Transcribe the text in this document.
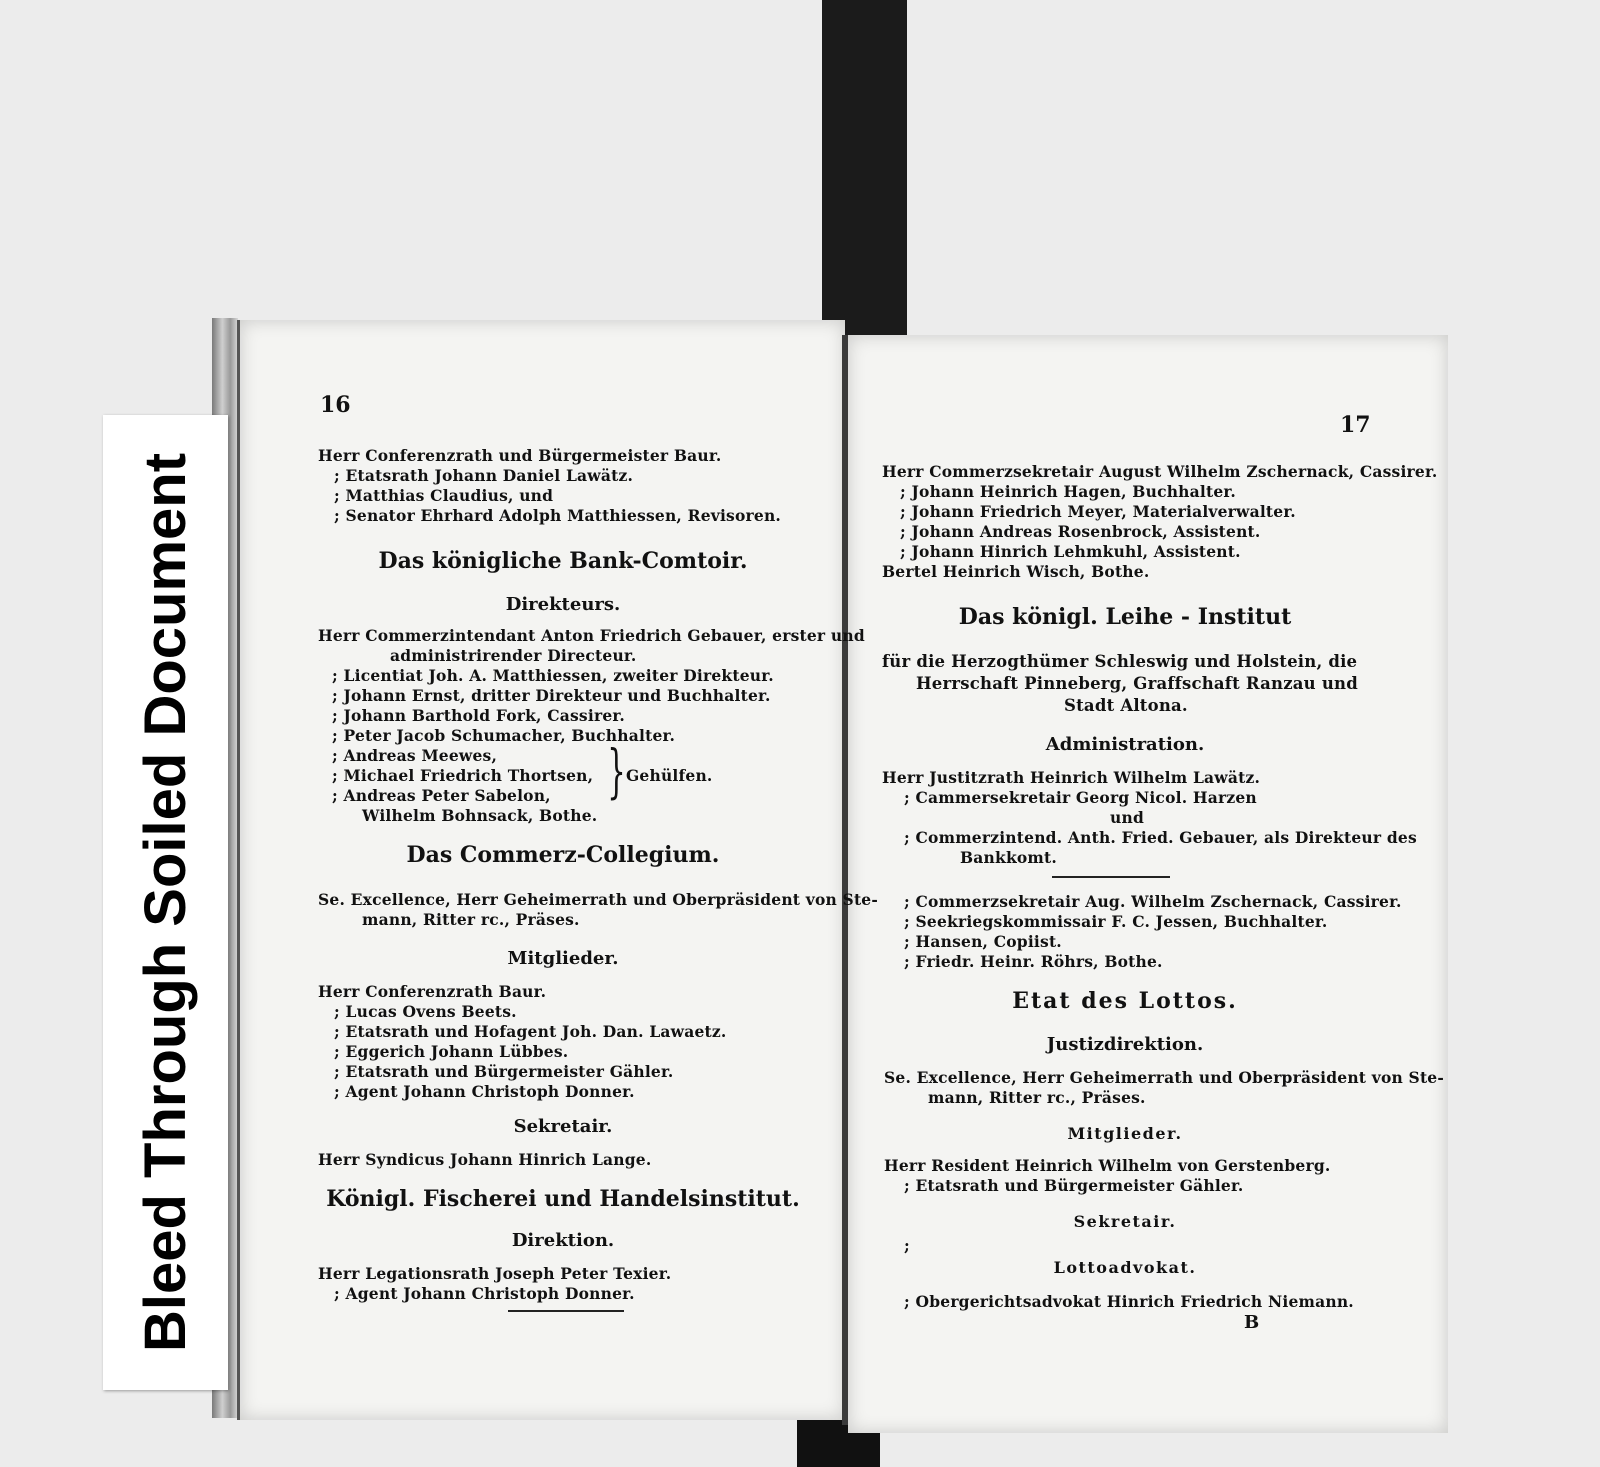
Bleed Through Soiled Document
16
Herr Conferenzrath und Bürgermeister Baur.
; Etatsrath Johann Daniel Lawätz.
; Matthias Claudius, und
; Senator Ehrhard Adolph Matthiessen, Revisoren.
Das königliche Bank-Comtoir.
Direkteurs.
Herr Commerzintendant Anton Friedrich Gebauer, erster und
administrirender Directeur.
; Licentiat Joh. A. Matthiessen, zweiter Direkteur.
; Johann Ernst, dritter Direkteur und Buchhalter.
; Johann Barthold Fork, Cassirer.
; Peter Jacob Schumacher, Buchhalter.
; Andreas Meewes,
; Michael Friedrich Thortsen,
; Andreas Peter Sabelon,
Wilhelm Bohnsack, Bothe.
} Gehülfen.
Das Commerz-Collegium.
Se. Excellence, Herr Geheimerrath und Oberpräsident von Ste-
mann, Ritter rc., Präses.
Mitglieder.
Herr Conferenzrath Baur.
; Lucas Ovens Beets.
; Etatsrath und Hofagent Joh. Dan. Lawaetz.
; Eggerich Johann Lübbes.
; Etatsrath und Bürgermeister Gähler.
; Agent Johann Christoph Donner.
Sekretair.
Herr Syndicus Johann Hinrich Lange.
Königl. Fischerei und Handelsinstitut.
Direktion.
Herr Legationsrath Joseph Peter Texier.
; Agent Johann Christoph Donner.
17
Herr Commerzsekretair August Wilhelm Zschernack, Cassirer.
; Johann Heinrich Hagen, Buchhalter.
; Johann Friedrich Meyer, Materialverwalter.
; Johann Andreas Rosenbrock, Assistent.
; Johann Hinrich Lehmkuhl, Assistent.
Bertel Heinrich Wisch, Bothe.
Das königl. Leihe - Institut
für die Herzogthümer Schleswig und Holstein, die
Herrschaft Pinneberg, Graffschaft Ranzau und
Stadt Altona.
Administration.
Herr Justitzrath Heinrich Wilhelm Lawätz.
; Cammersekretair Georg Nicol. Harzen
und
; Commerzintend. Anth. Fried. Gebauer, als Direkteur des
Bankkomt.
; Commerzsekretair Aug. Wilhelm Zschernack, Cassirer.
; Seekriegskommissair F. C. Jessen, Buchhalter.
; Hansen, Copiist.
; Friedr. Heinr. Röhrs, Bothe.
Etat des Lottos.
Justizdirektion.
Se. Excellence, Herr Geheimerrath und Oberpräsident von Ste-
mann, Ritter rc., Präses.
Mitglieder.
Herr Resident Heinrich Wilhelm von Gerstenberg.
; Etatsrath und Bürgermeister Gähler.
Sekretair.
;
Lottoadvokat.
; Obergerichtsadvokat Hinrich Friedrich Niemann.
B
